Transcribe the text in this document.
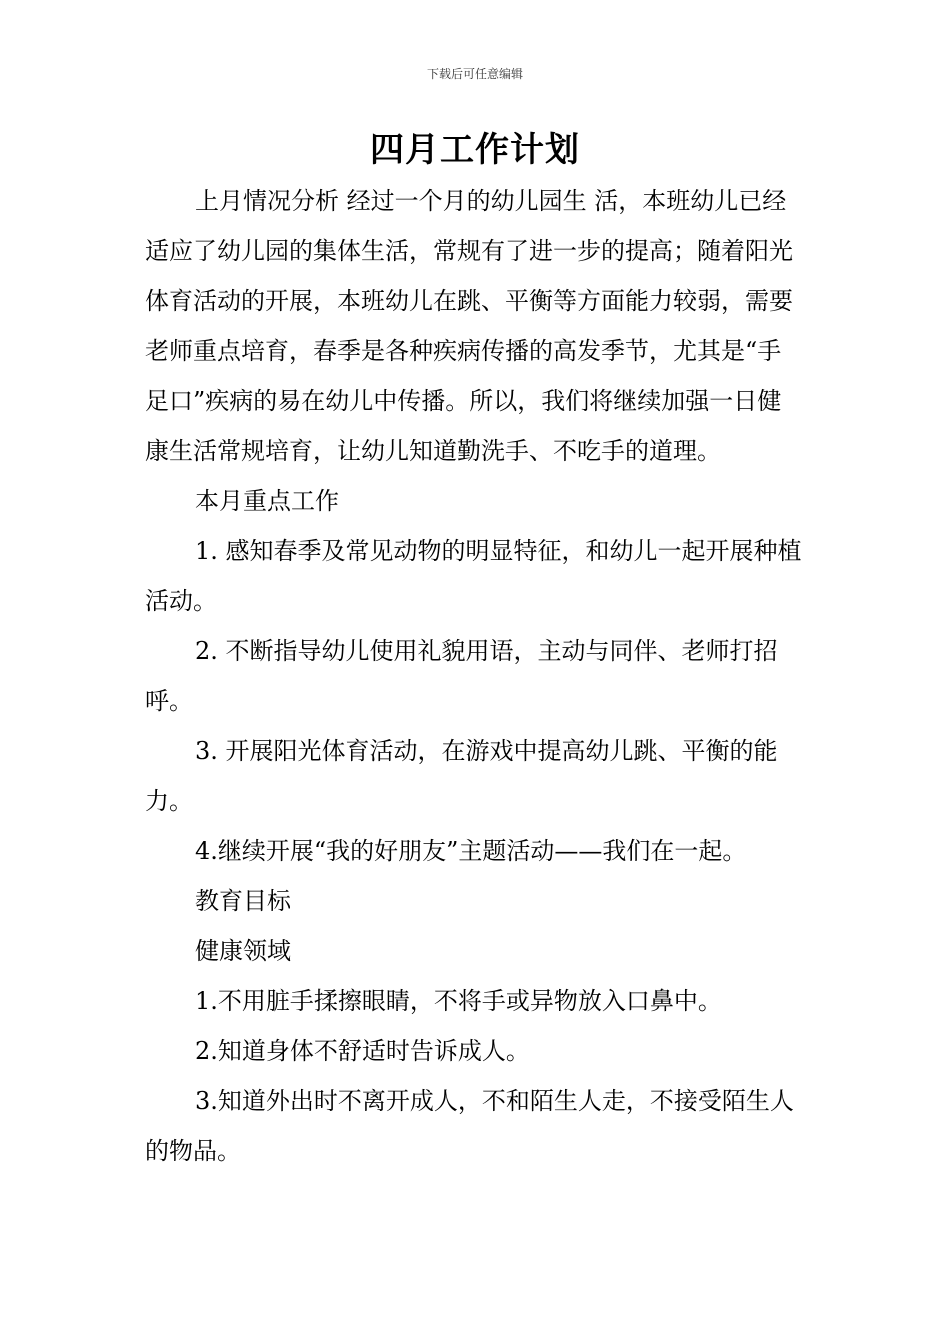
下载后可任意编辑
四月工作计划

上月情况分析 经过一个月的幼儿园生 活，本班幼儿已经适应了幼儿园的集体生活，常规有了进一步的提高；随着阳光体育活动的开展，本班幼儿在跳、平衡等方面能力较弱，需要老师重点培育，春季是各种疾病传播的高发季节，尤其是“手足口”疾病的易在幼儿中传播。所以，我们将继续加强一日健康生活常规培育，让幼儿知道勤洗手、不吃手的道理。

本月重点工作

1. 感知春季及常见动物的明显特征，和幼儿一起开展种植活动。

2. 不断指导幼儿使用礼貌用语，主动与同伴、老师打招呼。

3. 开展阳光体育活动，在游戏中提高幼儿跳、平衡的能力。

4.继续开展“我的好朋友”主题活动——我们在一起。

教育目标

健康领域

1.不用脏手揉擦眼睛，不将手或异物放入口鼻中。

2.知道身体不舒适时告诉成人。

3.知道外出时不离开成人，不和陌生人走，不接受陌生人的物品。
